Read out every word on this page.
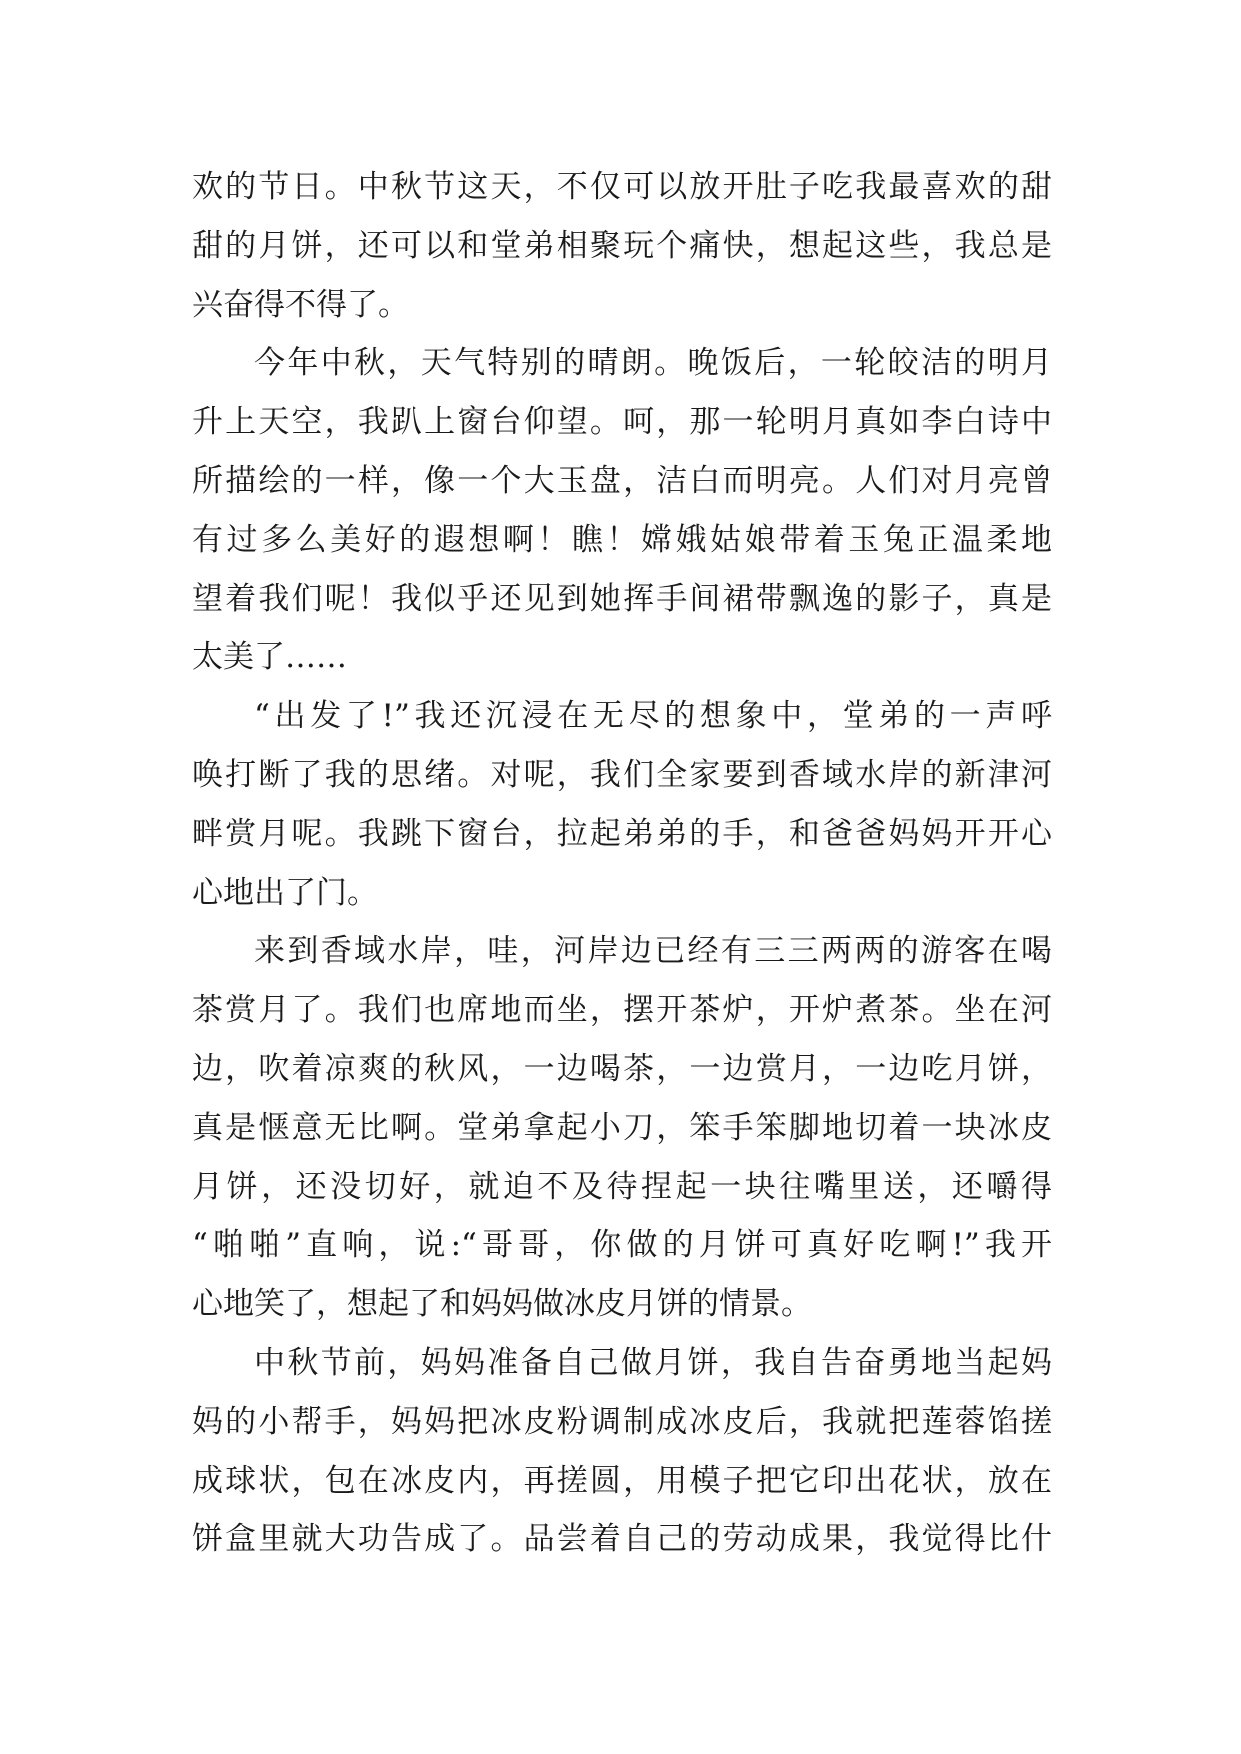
欢的节日。中秋节这天，不仅可以放开肚子吃我最喜欢的甜
甜的月饼，还可以和堂弟相聚玩个痛快，想起这些，我总是
兴奋得不得了。
今年中秋，天气特别的晴朗。晚饭后，一轮皎洁的明月
升上天空，我趴上窗台仰望。呵，那一轮明月真如李白诗中
所描绘的一样，像一个大玉盘，洁白而明亮。人们对月亮曾
有过多么美好的遐想啊！瞧！嫦娥姑娘带着玉兔正温柔地
望着我们呢！我似乎还见到她挥手间裙带飘逸的影子，真是
太美了……
“出发了!”我还沉浸在无尽的想象中，堂弟的一声呼
唤打断了我的思绪。对呢，我们全家要到香域水岸的新津河
畔赏月呢。我跳下窗台，拉起弟弟的手，和爸爸妈妈开开心
心地出了门。
来到香域水岸，哇，河岸边已经有三三两两的游客在喝
茶赏月了。我们也席地而坐，摆开茶炉，开炉煮茶。坐在河
边，吹着凉爽的秋风，一边喝茶，一边赏月，一边吃月饼，
真是惬意无比啊。堂弟拿起小刀，笨手笨脚地切着一块冰皮
月饼，还没切好，就迫不及待捏起一块往嘴里送，还嚼得
“啪啪”直响，说:“哥哥，你做的月饼可真好吃啊!”我开
心地笑了，想起了和妈妈做冰皮月饼的情景。
中秋节前，妈妈准备自己做月饼，我自告奋勇地当起妈
妈的小帮手，妈妈把冰皮粉调制成冰皮后，我就把莲蓉馅搓
成球状，包在冰皮内，再搓圆，用模子把它印出花状，放在
饼盒里就大功告成了。品尝着自己的劳动成果，我觉得比什
